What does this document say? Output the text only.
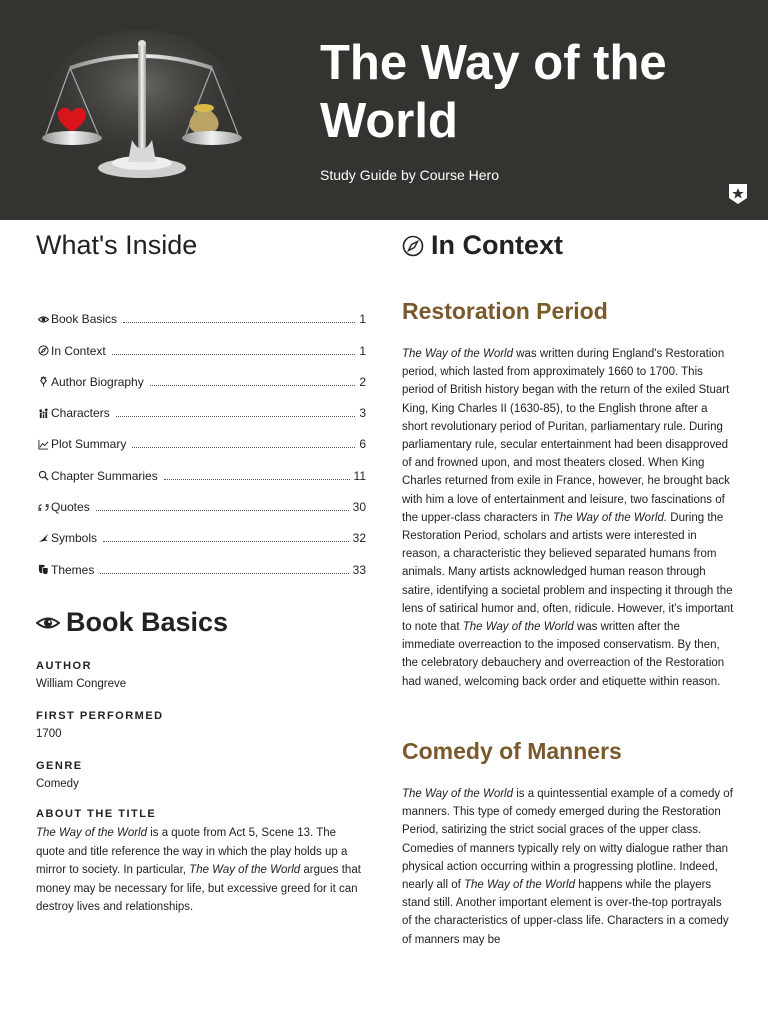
The Way of the World
Study Guide by Course Hero
What's Inside
Book Basics	1
In Context	1
Author Biography	2
Characters	3
Plot Summary	6
Chapter Summaries	11
Quotes	30
Symbols	32
Themes	33
Book Basics
AUTHOR
William Congreve
FIRST PERFORMED
1700
GENRE
Comedy
ABOUT THE TITLE

The Way of the World is a quote from Act 5, Scene 13. The quote and title reference the way in which the play holds up a mirror to society. In particular, The Way of the World argues that money may be necessary for life, but excessive greed for it can destroy lives and relationships.

In Context
Restoration Period

The Way of the World was written during England's Restoration period, which lasted from approximately 1660 to 1700. This period of British history began with the return of the exiled Stuart King, King Charles II (1630-85), to the English throne after a short revolutionary period of Puritan, parliamentary rule. During parliamentary rule, secular entertainment had been disapproved of and frowned upon, and most theaters closed. When King Charles returned from exile in France, however, he brought back with him a love of entertainment and leisure, two fascinations of the upper-class characters in The Way of the World. During the Restoration Period, scholars and artists were interested in reason, a characteristic they believed separated humans from animals. Many artists acknowledged human reason through satire, identifying a societal problem and inspecting it through the lens of satirical humor and, often, ridicule. However, it's important to note that The Way of the World was written after the immediate overreaction to the imposed conservatism. By then, the celebratory debauchery and overreaction of the Restoration had waned, welcoming back order and etiquette within reason.

Comedy of Manners

The Way of the World is a quintessential example of a comedy of manners. This type of comedy emerged during the Restoration Period, satirizing the strict social graces of the upper class. Comedies of manners typically rely on witty dialogue rather than physical action occurring within a progressing plotline. Indeed, nearly all of The Way of the World happens while the players stand still. Another important element is over-the-top portrayals of the characteristics of upper-class life. Characters in a comedy of manners may be
